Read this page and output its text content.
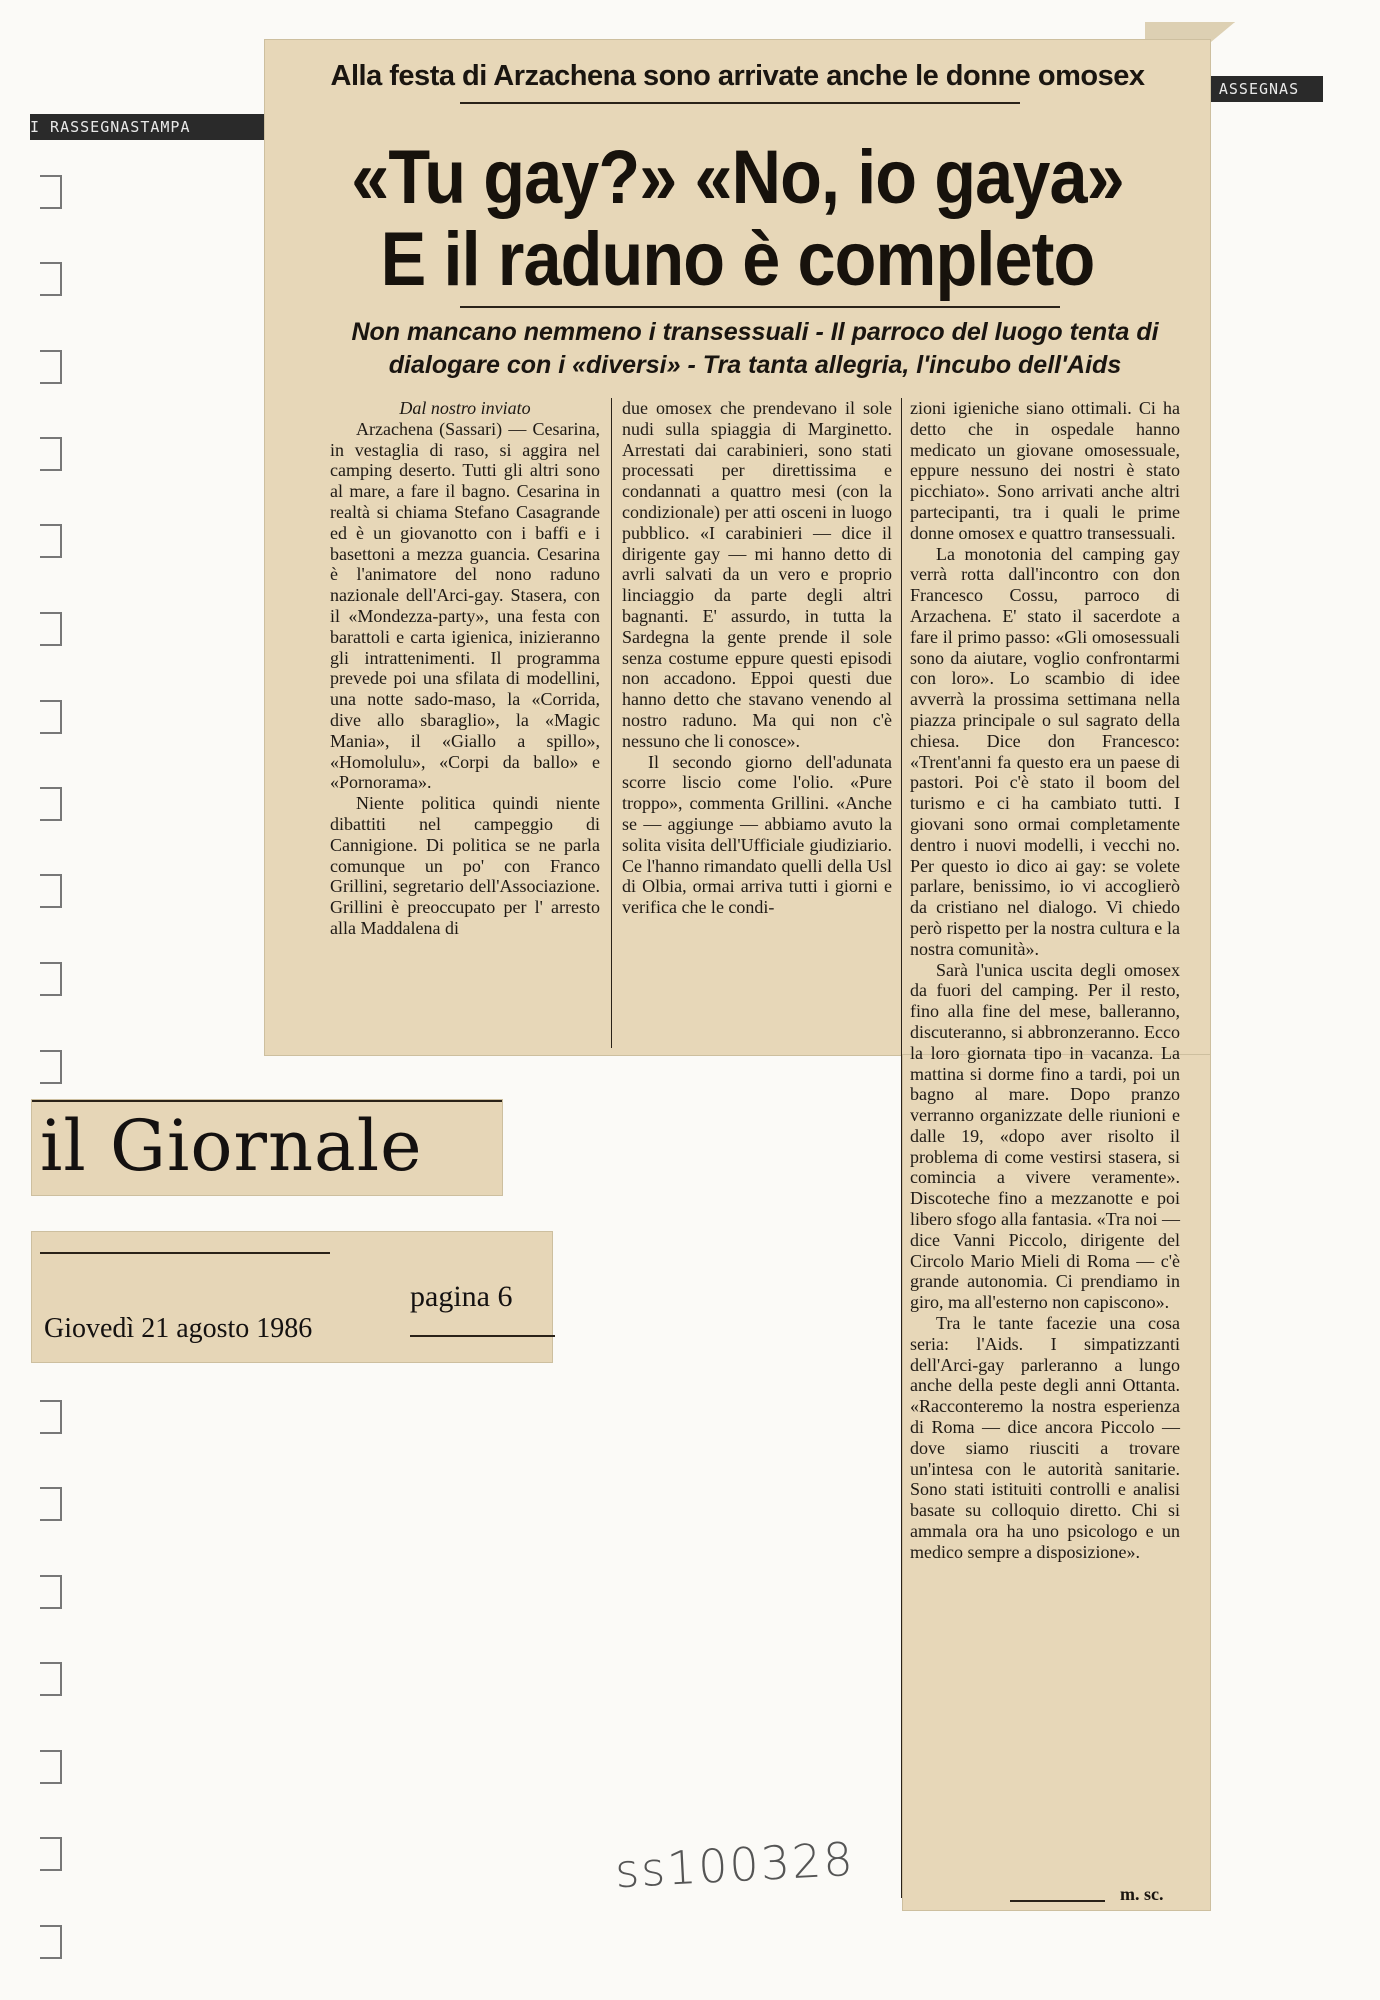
I RASSEGNASTAMPA
ASSEGNAS
Alla festa di Arzachena sono arrivate anche le donne omosex
«Tu gay?» «No, io gaya»
E il raduno è completo
Non mancano nemmeno i transessuali - Il parroco del luogo tenta di dialogare con i «diversi» - Tra tanta allegria, l'incubo dell'Aids

Dal nostro inviato

Arzachena (Sassari) — Cesarina, in vestaglia di raso, si aggira nel camping deserto. Tutti gli altri sono al mare, a fare il bagno. Cesarina in realtà si chiama Stefano Casagrande ed è un giovanotto con i baffi e i basettoni a mezza guancia. Cesarina è l'animatore del nono raduno nazionale dell'Arci-gay. Stasera, con il «Mondezza-party», una festa con barattoli e carta igienica, inizieranno gli intrattenimenti. Il programma prevede poi una sfilata di modellini, una notte sado-maso, la «Corrida, dive allo sbaraglio», la «Magic Mania», il «Giallo a spillo», «Homolulu», «Corpi da ballo» e «Pornorama».

Niente politica quindi niente dibattiti nel campeggio di Cannigione. Di politica se ne parla comunque un po' con Franco Grillini, segretario dell'Associazione. Grillini è preoccupato per l' arresto alla Maddalena di

due omosex che prendevano il sole nudi sulla spiaggia di Marginetto. Arrestati dai carabinieri, sono stati processati per direttissima e condannati a quattro mesi (con la condizionale) per atti osceni in luogo pubblico. «I carabinieri — dice il dirigente gay — mi hanno detto di avrli salvati da un vero e proprio linciaggio da parte degli altri bagnanti. E' assurdo, in tutta la Sardegna la gente prende il sole senza costume eppure questi episodi non accadono. Eppoi questi due hanno detto che stavano venendo al nostro raduno. Ma qui non c'è nessuno che li conosce».

Il secondo giorno dell'adunata scorre liscio come l'olio. «Pure troppo», commenta Grillini. «Anche se — aggiunge — abbiamo avuto la solita visita dell'Ufficiale giudiziario. Ce l'hanno rimandato quelli della Usl di Olbia, ormai arriva tutti i giorni e verifica che le condi-

zioni igieniche siano ottimali. Ci ha detto che in ospedale hanno medicato un giovane omosessuale, eppure nessuno dei nostri è stato picchiato». Sono arrivati anche altri partecipanti, tra i quali le prime donne omosex e quattro transessuali.

La monotonia del camping gay verrà rotta dall'incontro con don Francesco Cossu, parroco di Arzachena. E' stato il sacerdote a fare il primo passo: «Gli omosessuali sono da aiutare, voglio confrontarmi con loro». Lo scambio di idee avverrà la prossima settimana nella piazza principale o sul sagrato della chiesa. Dice don Francesco: «Trent'anni fa questo era un paese di pastori. Poi c'è stato il boom del turismo e ci ha cambiato tutti. I giovani sono ormai completamente dentro i nuovi modelli, i vecchi no. Per questo io dico ai gay: se volete parlare, benissimo, io vi accoglierò da cristiano nel dialogo. Vi chiedo però rispetto per la nostra cultura e la nostra comunità».

Sarà l'unica uscita degli omosex da fuori del camping. Per il resto, fino alla fine del mese, balleranno, discuteranno, si abbronzeranno. Ecco la loro giornata tipo in vacanza. La mattina si dorme fino a tardi, poi un bagno al mare. Dopo pranzo verranno organizzate delle riunioni e dalle 19, «dopo aver risolto il problema di come vestirsi stasera, si comincia a vivere veramente». Discoteche fino a mezzanotte e poi libero sfogo alla fantasia. «Tra noi — dice Vanni Piccolo, dirigente del Circolo Mario Mieli di Roma — c'è grande autonomia. Ci prendiamo in giro, ma all'esterno non capiscono».

Tra le tante facezie una cosa seria: l'Aids. I simpatizzanti dell'Arci-gay parleranno a lungo anche della peste degli anni Ottanta. «Racconteremo la nostra esperienza di Roma — dice ancora Piccolo — dove siamo riusciti a trovare un'intesa con le autorità sanitarie. Sono stati istituiti controlli e analisi basate su colloquio diretto. Chi si ammala ora ha uno psicologo e un medico sempre a disposizione».

m. sc.
il Giornale
pagina 6
Giovedì 21 agosto 1986
ss100328
